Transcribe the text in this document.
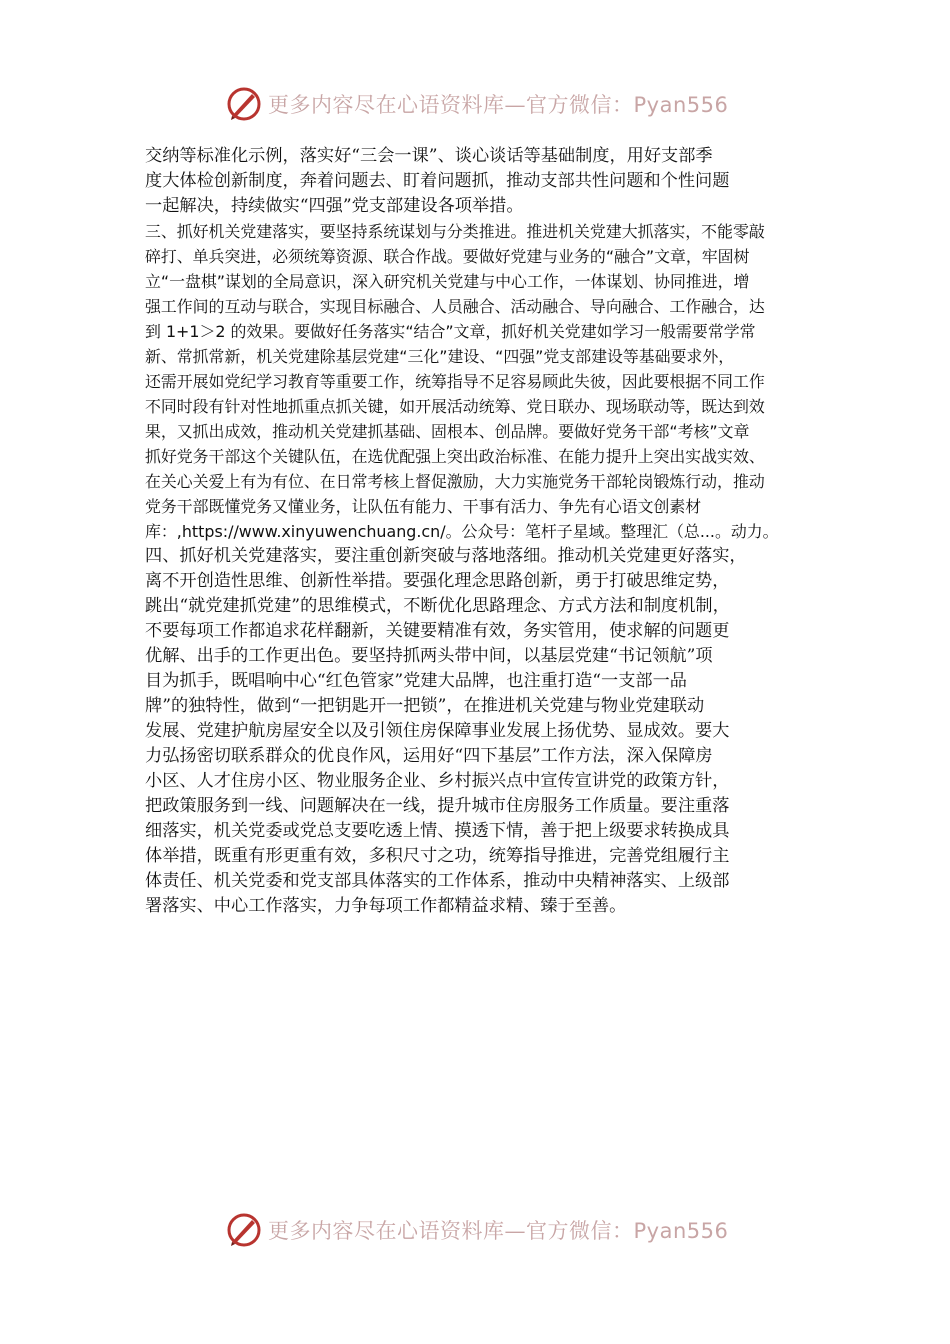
更多内容尽在心语资料库—官方微信：Pyan556
交纳等标准化示例，落实好“三会一课”、谈心谈话等基础制度，用好支部季
度大体检创新制度，奔着问题去、盯着问题抓，推动支部共性问题和个性问题
一起解决，持续做实“四强”党支部建设各项举措。
三、抓好机关党建落实，要坚持系统谋划与分类推进。推进机关党建大抓落实，不能零敲
碎打、单兵突进，必须统筹资源、联合作战。要做好党建与业务的“融合”文章，牢固树
立“一盘棋”谋划的全局意识，深入研究机关党建与中心工作，一体谋划、协同推进，增
强工作间的互动与联合，实现目标融合、人员融合、活动融合、导向融合、工作融合，达
到 1+1＞2 的效果。要做好任务落实“结合”文章，抓好机关党建如学习一般需要常学常
新、常抓常新，机关党建除基层党建“三化”建设、“四强”党支部建设等基础要求外，
还需开展如党纪学习教育等重要工作，统筹指导不足容易顾此失彼，因此要根据不同工作
不同时段有针对性地抓重点抓关键，如开展活动统筹、党日联办、现场联动等，既达到效
果，又抓出成效，推动机关党建抓基础、固根本、创品牌。要做好党务干部“考核”文章
抓好党务干部这个关键队伍，在选优配强上突出政治标准、在能力提升上突出实战实效、
在关心关爱上有为有位、在日常考核上督促激励，大力实施党务干部轮岗锻炼行动，推动
党务干部既懂党务又懂业务，让队伍有能力、干事有活力、争先有心语文创素材
库：,https://www.xinyuwenchuang.cn/。公众号：笔杆子星域。整理汇（总...。动力。
四、抓好机关党建落实，要注重创新突破与落地落细。推动机关党建更好落实，
离不开创造性思维、创新性举措。要强化理念思路创新，勇于打破思维定势，
跳出“就党建抓党建”的思维模式，不断优化思路理念、方式方法和制度机制，
不要每项工作都追求花样翻新，关键要精准有效，务实管用，使求解的问题更
优解、出手的工作更出色。要坚持抓两头带中间，以基层党建“书记领航”项
目为抓手，既唱响中心“红色管家”党建大品牌，也注重打造“一支部一品
牌”的独特性，做到“一把钥匙开一把锁”，在推进机关党建与物业党建联动
发展、党建护航房屋安全以及引领住房保障事业发展上扬优势、显成效。要大
力弘扬密切联系群众的优良作风，运用好“四下基层”工作方法，深入保障房
小区、人才住房小区、物业服务企业、乡村振兴点中宣传宣讲党的政策方针，
把政策服务到一线、问题解决在一线，提升城市住房服务工作质量。要注重落
细落实，机关党委或党总支要吃透上情、摸透下情，善于把上级要求转换成具
体举措，既重有形更重有效，多积尺寸之功，统筹指导推进，完善党组履行主
体责任、机关党委和党支部具体落实的工作体系，推动中央精神落实、上级部
署落实、中心工作落实，力争每项工作都精益求精、臻于至善。
更多内容尽在心语资料库—官方微信：Pyan556
